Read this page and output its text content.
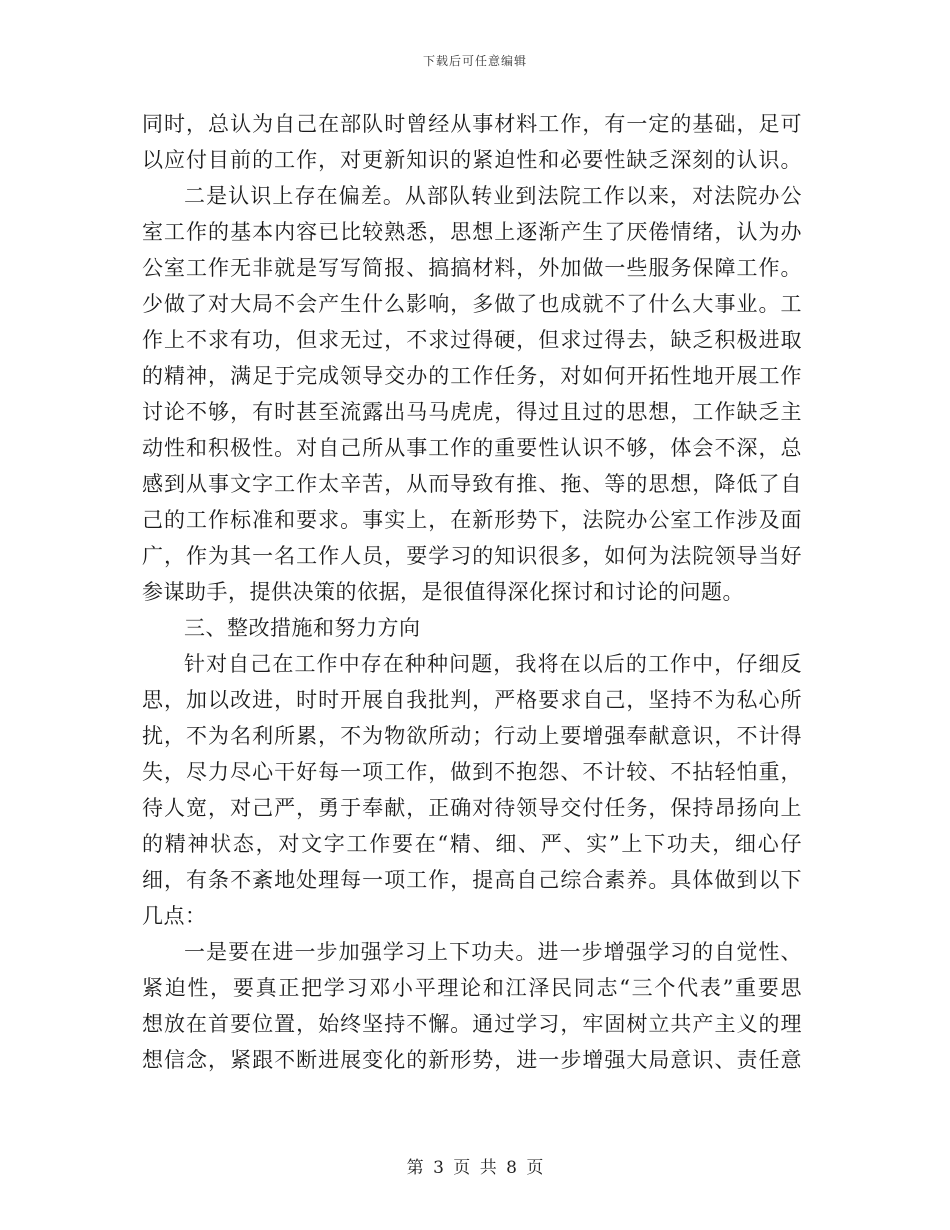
下载后可任意编辑
同时，总认为自己在部队时曾经从事材料工作，有一定的基础，足可
以应付目前的工作，对更新知识的紧迫性和必要性缺乏深刻的认识。
二是认识上存在偏差。从部队转业到法院工作以来，对法院办公
室工作的基本内容已比较熟悉，思想上逐渐产生了厌倦情绪，认为办
公室工作无非就是写写简报、搞搞材料，外加做一些服务保障工作。
少做了对大局不会产生什么影响，多做了也成就不了什么大事业。工
作上不求有功，但求无过，不求过得硬，但求过得去，缺乏积极进取
的精神，满足于完成领导交办的工作任务，对如何开拓性地开展工作
讨论不够，有时甚至流露出马马虎虎，得过且过的思想，工作缺乏主
动性和积极性。对自己所从事工作的重要性认识不够，体会不深，总
感到从事文字工作太辛苦，从而导致有推、拖、等的思想，降低了自
己的工作标准和要求。事实上，在新形势下，法院办公室工作涉及面
广，作为其一名工作人员，要学习的知识很多，如何为法院领导当好
参谋助手，提供决策的依据，是很值得深化探讨和讨论的问题。
三、整改措施和努力方向
针对自己在工作中存在种种问题，我将在以后的工作中，仔细反
思，加以改进，时时开展自我批判，严格要求自己，坚持不为私心所
扰，不为名利所累，不为物欲所动；行动上要增强奉献意识，不计得
失，尽力尽心干好每一项工作，做到不抱怨、不计较、不拈轻怕重，
待人宽，对己严，勇于奉献，正确对待领导交付任务，保持昂扬向上
的精神状态，对文字工作要在“精、细、严、实”上下功夫，细心仔
细，有条不紊地处理每一项工作，提高自己综合素养。具体做到以下
几点：
一是要在进一步加强学习上下功夫。进一步增强学习的自觉性、
紧迫性，要真正把学习邓小平理论和江泽民同志“三个代表”重要思
想放在首要位置，始终坚持不懈。通过学习，牢固树立共产主义的理
想信念，紧跟不断进展变化的新形势，进一步增强大局意识、责任意
第 3 页 共 8 页
